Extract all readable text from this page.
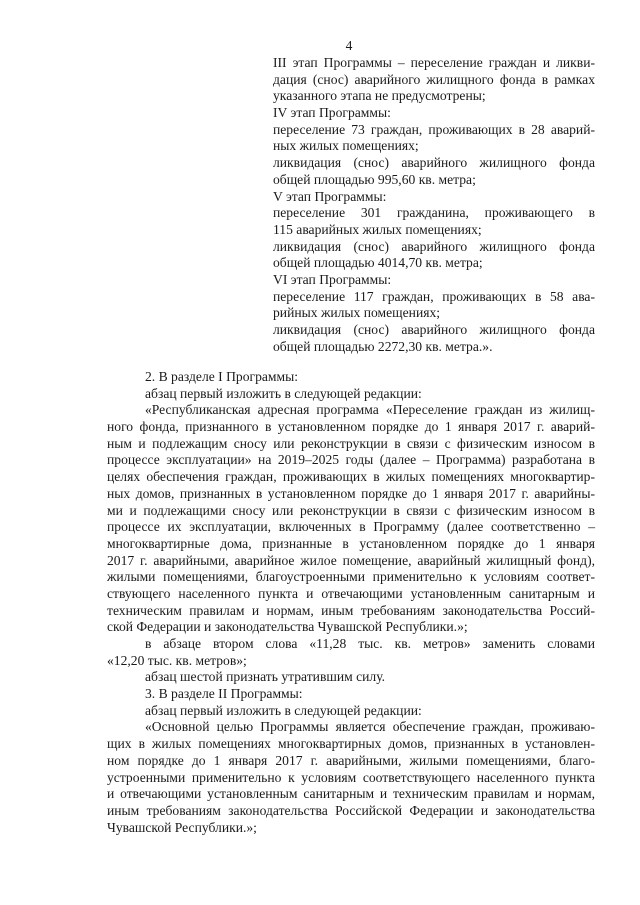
4
III этап Программы – переселение граждан и ликви-
дация (снос) аварийного жилищного фонда в рамках
указанного этапа не предусмотрены;
IV этап Программы:
переселение 73 граждан, проживающих в 28 аварий-
ных жилых помещениях;
ликвидация (снос) аварийного жилищного фонда
общей площадью 995,60 кв. метра;
V этап Программы:
переселение 301 гражданина, проживающего в
115 аварийных жилых помещениях;
ликвидация (снос) аварийного жилищного фонда
общей площадью 4014,70 кв. метра;
VI этап Программы:
переселение 117 граждан, проживающих в 58 ава-
рийных жилых помещениях;
ликвидация (снос) аварийного жилищного фонда
общей площадью 2272,30 кв. метра.».
2. В разделе I Программы:
абзац первый изложить в следующей редакции:
«Республиканская адресная программа «Переселение граждан из жилищ-
ного фонда, признанного в установленном порядке до 1 января 2017 г. аварий-
ным и подлежащим сносу или реконструкции в связи с физическим износом в
процессе эксплуатации» на 2019–2025 годы (далее – Программа) разработана в
целях обеспечения граждан, проживающих в жилых помещениях многоквартир-
ных домов, признанных в установленном порядке до 1 января 2017 г. аварийны-
ми и подлежащими сносу или реконструкции в связи с физическим износом в
процессе их эксплуатации, включенных в Программу (далее соответственно –
многоквартирные дома, признанные в установленном порядке до 1 января
2017 г. аварийными, аварийное жилое помещение, аварийный жилищный фонд),
жилыми помещениями, благоустроенными применительно к условиям соответ-
ствующего населенного пункта и отвечающими установленным санитарным и
техническим правилам и нормам, иным требованиям законодательства Россий-
ской Федерации и законодательства Чувашской Республики.»;
в абзаце втором слова «11,28 тыс. кв. метров» заменить словами
«12,20 тыс. кв. метров»;
абзац шестой признать утратившим силу.
3. В разделе II Программы:
абзац первый изложить в следующей редакции:
«Основной целью Программы является обеспечение граждан, проживаю-
щих в жилых помещениях многоквартирных домов, признанных в установлен-
ном порядке до 1 января 2017 г. аварийными, жилыми помещениями, благо-
устроенными применительно к условиям соответствующего населенного пункта
и отвечающими установленным санитарным и техническим правилам и нормам,
иным требованиям законодательства Российской Федерации и законодательства
Чувашской Республики.»;
